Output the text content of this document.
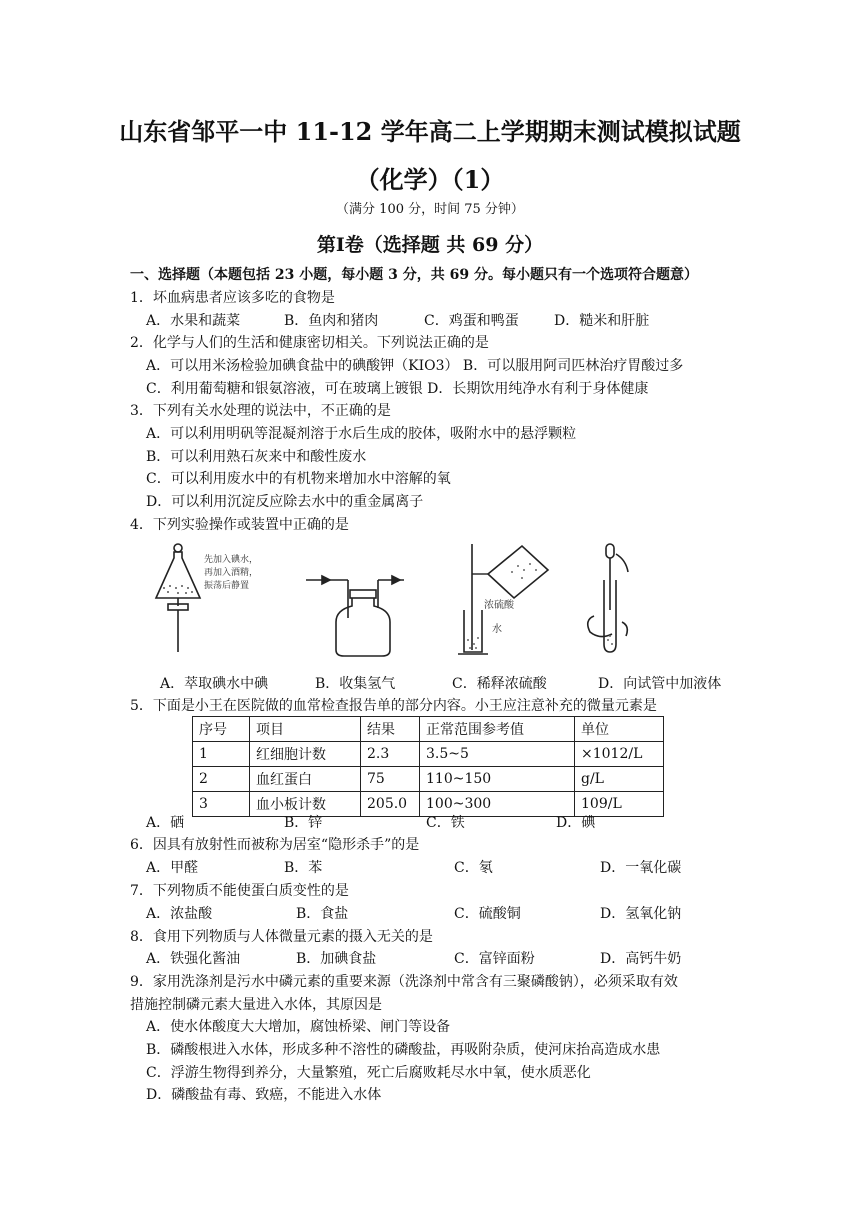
山东省邹平一中 11-12 学年高二上学期期末测试模拟试题
（化学）（1）
（满分 100 分，时间 75 分钟）
第Ⅰ卷（选择题 共 69 分）
一、选择题（本题包括 23 小题，每小题 3 分，共 69 分。每小题只有一个选项符合题意）
1．坏血病患者应该多吃的食物是
A．水果和蔬菜	B．鱼肉和猪肉	C．鸡蛋和鸭蛋	D．糙米和肝脏
2．化学与人们的生活和健康密切相关。下列说法正确的是
A．可以用米汤检验加碘食盐中的碘酸钾（KIO3） B．可以服用阿司匹林治疗胃酸过多
C．利用葡萄糖和银氨溶液，可在玻璃上镀银 D．长期饮用纯净水有利于身体健康
3．下列有关水处理的说法中，不正确的是
A．可以利用明矾等混凝剂溶于水后生成的胶体，吸附水中的悬浮颗粒
B．可以利用熟石灰来中和酸性废水
C．可以利用废水中的有机物来增加水中溶解的氧
D．可以利用沉淀反应除去水中的重金属离子
4．下列实验操作或装置中正确的是
先加入碘水，
再加入酒精，
振荡后静置
浓硫酸
水
A．萃取碘水中碘	B．收集氢气	C．稀释浓硫酸	D．向试管中加液体
5．下面是小王在医院做的血常检查报告单的部分内容。小王应注意补充的微量元素是
序号	项目	结果	正常范围参考值	单位
1	红细胞计数	2.3	3.5~5	×1012/L
2	血红蛋白	75	110~150	g/L
3	血小板计数	205.0	100~300	109/L
A．硒	B．锌	C．铁	D．碘
6．因具有放射性而被称为居室“隐形杀手”的是
A．甲醛	B．苯	C．氡	D．一氧化碳
7．下列物质不能使蛋白质变性的是
A．浓盐酸	B．食盐	C．硫酸铜	D．氢氧化钠
8．食用下列物质与人体微量元素的摄入无关的是
A．铁强化酱油	B．加碘食盐	C．富锌面粉	D．高钙牛奶
9．家用洗涤剂是污水中磷元素的重要来源（洗涤剂中常含有三聚磷酸钠），必须采取有效
措施控制磷元素大量进入水体，其原因是
A．使水体酸度大大增加，腐蚀桥梁、闸门等设备
B．磷酸根进入水体，形成多种不溶性的磷酸盐，再吸附杂质，使河床抬高造成水患
C．浮游生物得到养分，大量繁殖，死亡后腐败耗尽水中氧，使水质恶化
D．磷酸盐有毒、致癌，不能进入水体
